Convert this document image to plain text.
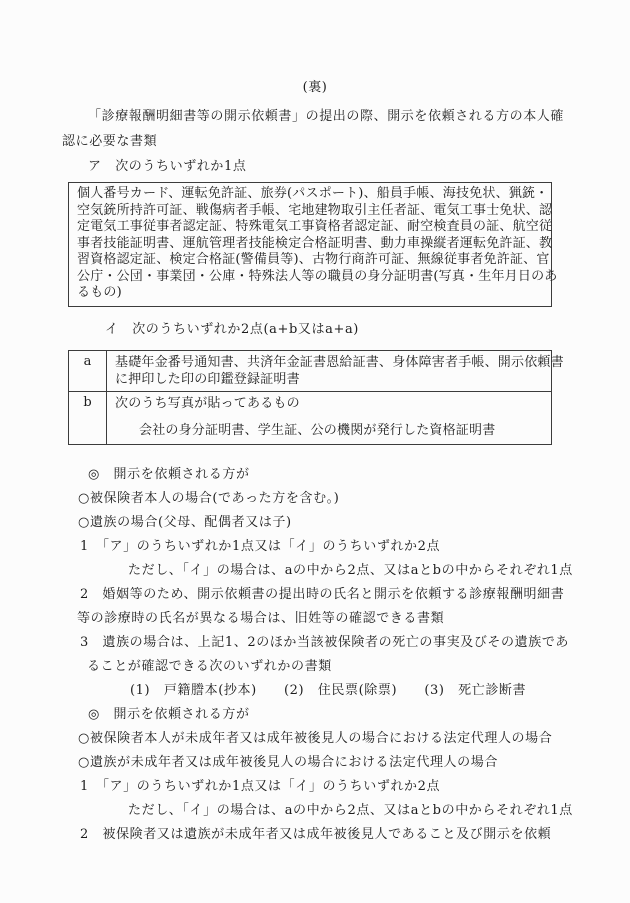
(裏)
「診療報酬明細書等の開示依頼書」の提出の際、開示を依頼される方の本人確
認に必要な書類
ア　次のうちいずれか1点
個人番号カード、運転免許証、旅券(パスポート)、船員手帳、海技免状、猟銃・
空気銃所持許可証、戦傷病者手帳、宅地建物取引主任者証、電気工事士免状、認
定電気工事従事者認定証、特殊電気工事資格者認定証、耐空検査員の証、航空従
事者技能証明書、運航管理者技能検定合格証明書、動力車操縦者運転免許証、教
習資格認定証、検定合格証(警備員等)、古物行商許可証、無線従事者免許証、官
公庁・公団・事業団・公庫・特殊法人等の職員の身分証明書(写真・生年月日のあ
るもの)
イ　次のうちいずれか2点(a+b又はa+a)
a	基礎年金番号通知書、共済年金証書恩給証書、身体障害者手帳、開示依頼書
に押印した印の印鑑登録証明書
b	次のうち写真が貼ってあるもの
会社の身分証明書、学生証、公の機関が発行した資格証明書
◎　開示を依頼される方が
○被保険者本人の場合(であった方を含む。)
○遺族の場合(父母、配偶者又は子)
1　「ア」のうちいずれか1点又は「イ」のうちいずれか2点
ただし、「イ」の場合は、aの中から2点、又はaとbの中からそれぞれ1点
2　婚姻等のため、開示依頼書の提出時の氏名と開示を依頼する診療報酬明細書
等の診療時の氏名が異なる場合は、旧姓等の確認できる書類
3　遺族の場合は、上記1、2のほか当該被保険者の死亡の事実及びその遺族であ
ることが確認できる次のいずれかの書類
(1)　戸籍謄本(抄本)　　(2)　住民票(除票)　　(3)　死亡診断書
◎　開示を依頼される方が
○被保険者本人が未成年者又は成年被後見人の場合における法定代理人の場合
○遺族が未成年者又は成年被後見人の場合における法定代理人の場合
1　「ア」のうちいずれか1点又は「イ」のうちいずれか2点
ただし、「イ」の場合は、aの中から2点、又はaとbの中からそれぞれ1点
2　被保険者又は遺族が未成年者又は成年被後見人であること及び開示を依頼
